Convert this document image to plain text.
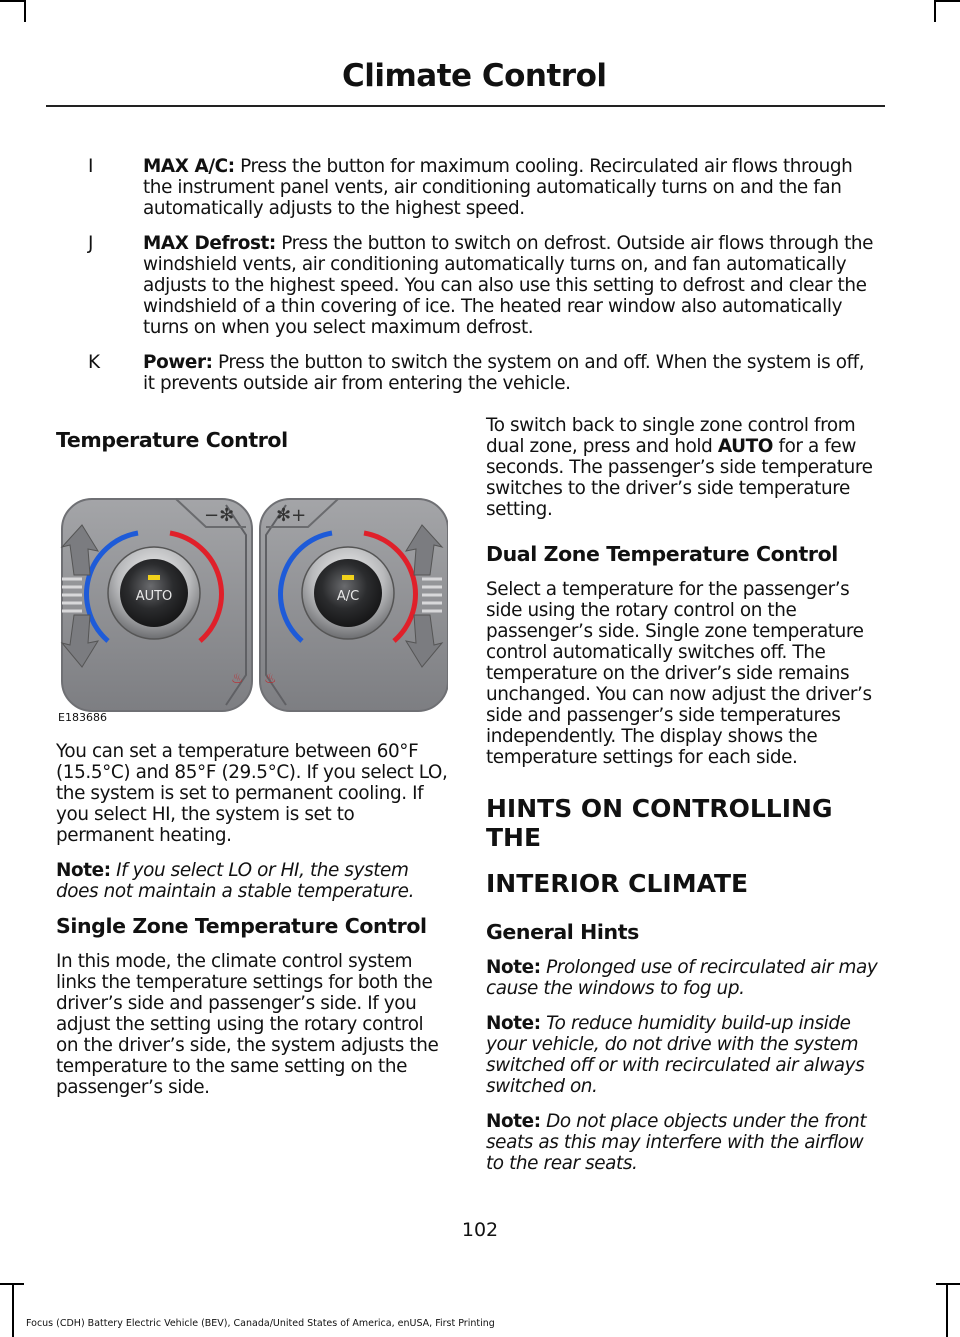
Climate Control
I	MAX A/C: Press the button for maximum cooling. Recirculated air flows through the instrument panel vents, air conditioning automatically turns on and the fan automatically adjusts to the highest speed.
J	MAX Defrost: Press the button to switch on defrost. Outside air flows through the windshield vents, air conditioning automatically turns on, and fan automatically adjusts to the highest speed. You can also use this setting to defrost and clear the windshield of a thin covering of ice. The heated rear window also automatically turns on when you select maximum defrost.
K Power: Press the button to switch the system on and off. When the system is off, it prevents outside air from entering the vehicle.

Temperature Control

−✻ ✻+
♨ ♨
AUTO	A/C
E183686

You can set a temperature between 60°F (15.5°C) and 85°F (29.5°C). If you select LO, the system is set to permanent cooling. If you select HI, the system is set to permanent heating.

Note: If you select LO or HI, the system does not maintain a stable temperature.

Single Zone Temperature Control

In this mode, the climate control system links the temperature settings for both the driver’s side and passenger’s side. If you adjust the setting using the rotary control on the driver’s side, the system adjusts the temperature to the same setting on the passenger’s side.

To switch back to single zone control from dual zone, press and hold AUTO for a few seconds. The passenger’s side temperature switches to the driver’s side temperature setting.

Dual Zone Temperature Control

Select a temperature for the passenger’s side using the rotary control on the passenger’s side. Single zone temperature control automatically switches off. The temperature on the driver’s side remains unchanged. You can now adjust the driver’s side and passenger’s side temperatures independently. The display shows the temperature settings for each side.

HINTS ON CONTROLLING THE
INTERIOR CLIMATE

General Hints

Note: Prolonged use of recirculated air may cause the windows to fog up.

Note: To reduce humidity build-up inside your vehicle, do not drive with the system switched off or with recirculated air always switched on.

Note: Do not place objects under the front seats as this may interfere with the airflow to the rear seats.

102
Focus (CDH) Battery Electric Vehicle (BEV), Canada/United States of America, enUSA, First Printing
